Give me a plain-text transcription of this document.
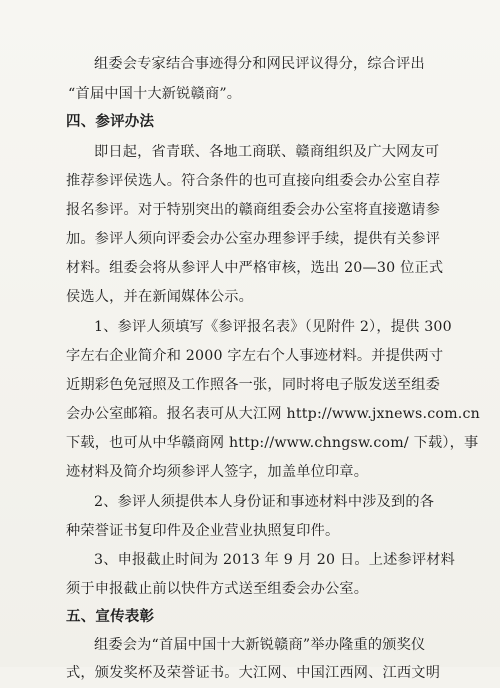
组委会专家结合事迹得分和网民评议得分，综合评出
“首届中国十大新锐赣商”。
四、参评办法
即日起，省青联、各地工商联、赣商组织及广大网友可
推荐参评侯选人。符合条件的也可直接向组委会办公室自荐
报名参评。对于特别突出的赣商组委会办公室将直接邀请参
加。参评人须向评委会办公室办理参评手续，提供有关参评
材料。组委会将从参评人中严格审核，选出 20—30 位正式
侯选人，并在新闻媒体公示。
1、参评人须填写《参评报名表》（见附件 2），提供 300
字左右企业简介和 2000 字左右个人事迹材料。并提供两寸
近期彩色免冠照及工作照各一张，同时将电子版发送至组委
会办公室邮箱。报名表可从大江网 http://www.jxnews.com.cn
下载，也可从中华赣商网 http://www.chngsw.com/ 下载），事
迹材料及简介均须参评人签字，加盖单位印章。
2、参评人须提供本人身份证和事迹材料中涉及到的各
种荣誉证书复印件及企业营业执照复印件。
3、申报截止时间为 2013 年 9 月 20 日。上述参评材料
须于申报截止前以快件方式送至组委会办公室。
五、宣传表彰
组委会为“首届中国十大新锐赣商”举办隆重的颁奖仪
式，颁发奖杯及荣誉证书。大江网、中国江西网、江西文明
